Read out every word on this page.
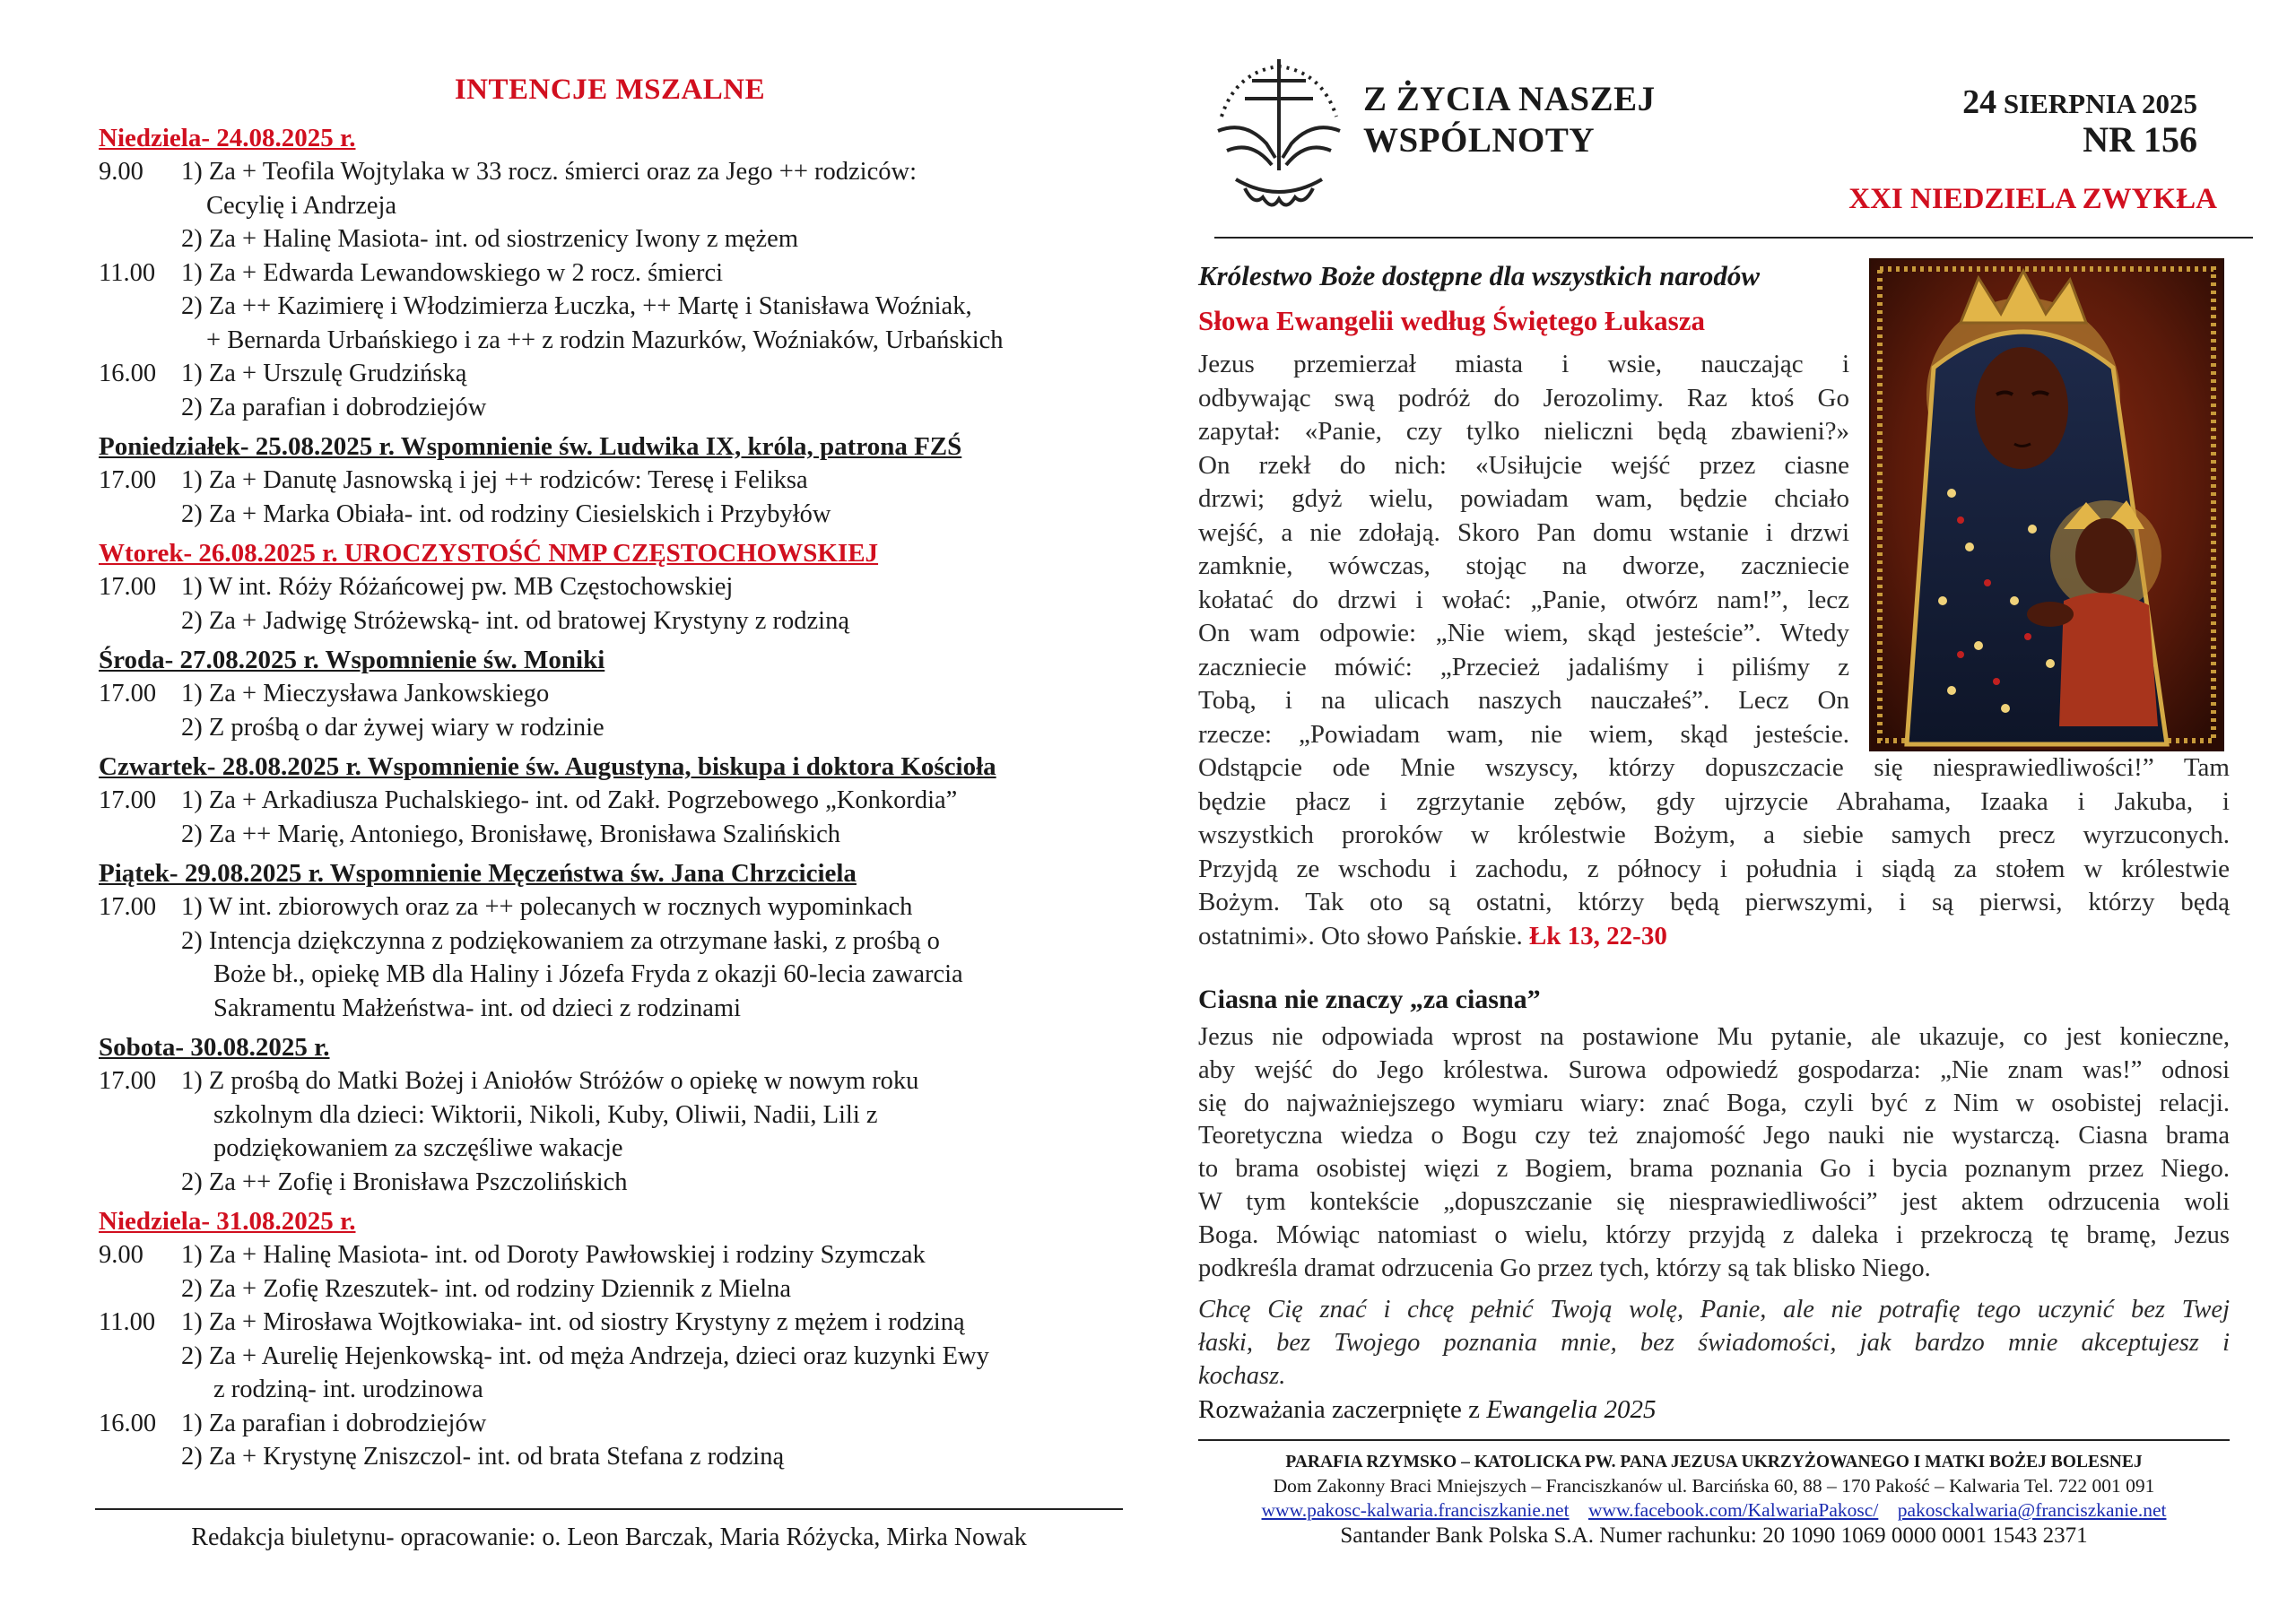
INTENCJE MSZALNE
Niedziela- 24.08.2025 r.
9.00 1) Za + Teofila Wojtylaka w 33 rocz. śmierci oraz za Jego ++ rodziców:
Cecylię i Andrzeja
2) Za + Halinę Masiota- int. od siostrzenicy Iwony z mężem
11.00 1) Za + Edwarda Lewandowskiego w 2 rocz. śmierci
2) Za ++ Kazimierę i Włodzimierza Łuczka, ++ Martę i Stanisława Woźniak,
+ Bernarda Urbańskiego i za ++ z rodzin Mazurków, Woźniaków, Urbańskich
16.00 1) Za + Urszulę Grudzińską
2) Za parafian i dobrodziejów
Poniedziałek- 25.08.2025 r. Wspomnienie św. Ludwika IX, króla, patrona FZŚ
17.00 1) Za + Danutę Jasnowską i jej ++ rodziców: Teresę i Feliksa
2) Za + Marka Obiała- int. od rodziny Ciesielskich i Przybyłów
Wtorek- 26.08.2025 r. UROCZYSTOŚĆ NMP CZĘSTOCHOWSKIEJ
17.00 1) W int. Róży Różańcowej pw. MB Częstochowskiej
2) Za + Jadwigę Stróżewską- int. od bratowej Krystyny z rodziną
Środa- 27.08.2025 r. Wspomnienie św. Moniki
17.00 1) Za + Mieczysława Jankowskiego
2) Z prośbą o dar żywej wiary w rodzinie
Czwartek- 28.08.2025 r. Wspomnienie św. Augustyna, biskupa i doktora Kościoła
17.00 1) Za + Arkadiusza Puchalskiego- int. od Zakł. Pogrzebowego „Konkordia”
2) Za ++ Marię, Antoniego, Bronisławę, Bronisława Szalińskich
Piątek- 29.08.2025 r. Wspomnienie Męczeństwa św. Jana Chrzciciela
17.00 1) W int. zbiorowych oraz za ++ polecanych w rocznych wypominkach
2) Intencja dziękczynna z podziękowaniem za otrzymane łaski, z prośbą o
Boże bł., opiekę MB dla Haliny i Józefa Fryda z okazji 60-lecia zawarcia
Sakramentu Małżeństwa- int. od dzieci z rodzinami
Sobota- 30.08.2025 r.
17.00 1) Z prośbą do Matki Bożej i Aniołów Stróżów o opiekę w nowym roku
szkolnym dla dzieci: Wiktorii, Nikoli, Kuby, Oliwii, Nadii, Lili z
podziękowaniem za szczęśliwe wakacje
2) Za ++ Zofię i Bronisława Pszczolińskich
Niedziela- 31.08.2025 r.
9.00 1) Za + Halinę Masiota- int. od Doroty Pawłowskiej i rodziny Szymczak
2) Za + Zofię Rzeszutek- int. od rodziny Dziennik z Mielna
11.00 1) Za + Mirosława Wojtkowiaka- int. od siostry Krystyny z mężem i rodziną
2) Za + Aurelię Hejenkowską- int. od męża Andrzeja, dzieci oraz kuzynki Ewy
z rodziną- int. urodzinowa
16.00 1) Za parafian i dobrodziejów
2) Za + Krystynę Zniszczol- int. od brata Stefana z rodziną
Redakcja biuletynu- opracowanie: o. Leon Barczak, Maria Różycka, Mirka Nowak
Z ŻYCIA NASZEJ
WSPÓLNOTY
24 SIERPNIA 2025
NR 156
XXI NIEDZIELA ZWYKŁA
Królestwo Boże dostępne dla wszystkich narodów
Słowa Ewangelii według Świętego Łukasza
Jezus przemierzał miasta i wsie, nauczając i
odbywając swą podróż do Jerozolimy. Raz ktoś Go
zapytał: «Panie, czy tylko nieliczni będą zbawieni?»
On rzekł do nich: «Usiłujcie wejść przez ciasne
drzwi; gdyż wielu, powiadam wam, będzie chciało
wejść, a nie zdołają. Skoro Pan domu wstanie i drzwi
zamknie, wówczas, stojąc na dworze, zaczniecie
kołatać do drzwi i wołać: „Panie, otwórz nam!”, lecz
On wam odpowie: „Nie wiem, skąd jesteście”. Wtedy
zaczniecie mówić: „Przecież jadaliśmy i piliśmy z
Tobą, i na ulicach naszych nauczałeś”. Lecz On
rzecze: „Powiadam wam, nie wiem, skąd jesteście.
Odstąpcie ode Mnie wszyscy, którzy dopuszczacie się niesprawiedliwości!” Tam
będzie płacz i zgrzytanie zębów, gdy ujrzycie Abrahama, Izaaka i Jakuba, i
wszystkich proroków w królestwie Bożym, a siebie samych precz wyrzuconych.
Przyjdą ze wschodu i zachodu, z północy i południa i siądą za stołem w królestwie
Bożym. Tak oto są ostatni, którzy będą pierwszymi, i są pierwsi, którzy będą
ostatnimi». Oto słowo Pańskie. Łk 13, 22-30
Ciasna nie znaczy „za ciasna”
Jezus nie odpowiada wprost na postawione Mu pytanie, ale ukazuje, co jest konieczne,
aby wejść do Jego królestwa. Surowa odpowiedź gospodarza: „Nie znam was!” odnosi
się do najważniejszego wymiaru wiary: znać Boga, czyli być z Nim w osobistej relacji.
Teoretyczna wiedza o Bogu czy też znajomość Jego nauki nie wystarczą. Ciasna brama
to brama osobistej więzi z Bogiem, brama poznania Go i bycia poznanym przez Niego.
W tym kontekście „dopuszczanie się niesprawiedliwości” jest aktem odrzucenia woli
Boga. Mówiąc natomiast o wielu, którzy przyjdą z daleka i przekroczą tę bramę, Jezus
podkreśla dramat odrzucenia Go przez tych, którzy są tak blisko Niego.
Chcę Cię znać i chcę pełnić Twoją wolę, Panie, ale nie potrafię tego uczynić bez Twej
łaski, bez Twojego poznania mnie, bez świadomości, jak bardzo mnie akceptujesz i
kochasz.
Rozważania zaczerpnięte z Ewangelia 2025
PARAFIA RZYMSKO – KATOLICKA PW. PANA JEZUSA UKRZYŻOWANEGO I MATKI BOŻEJ BOLESNEJ
Dom Zakonny Braci Mniejszych – Franciszkanów ul. Barcińska 60, 88 – 170 Pakość – Kalwaria Tel. 722 001 091
www.pakosc-kalwaria.franciszkanie.net www.facebook.com/KalwariaPakosc/ pakosckalwaria@franciszkanie.net
Santander Bank Polska S.A. Numer rachunku: 20 1090 1069 0000 0001 1543 2371
